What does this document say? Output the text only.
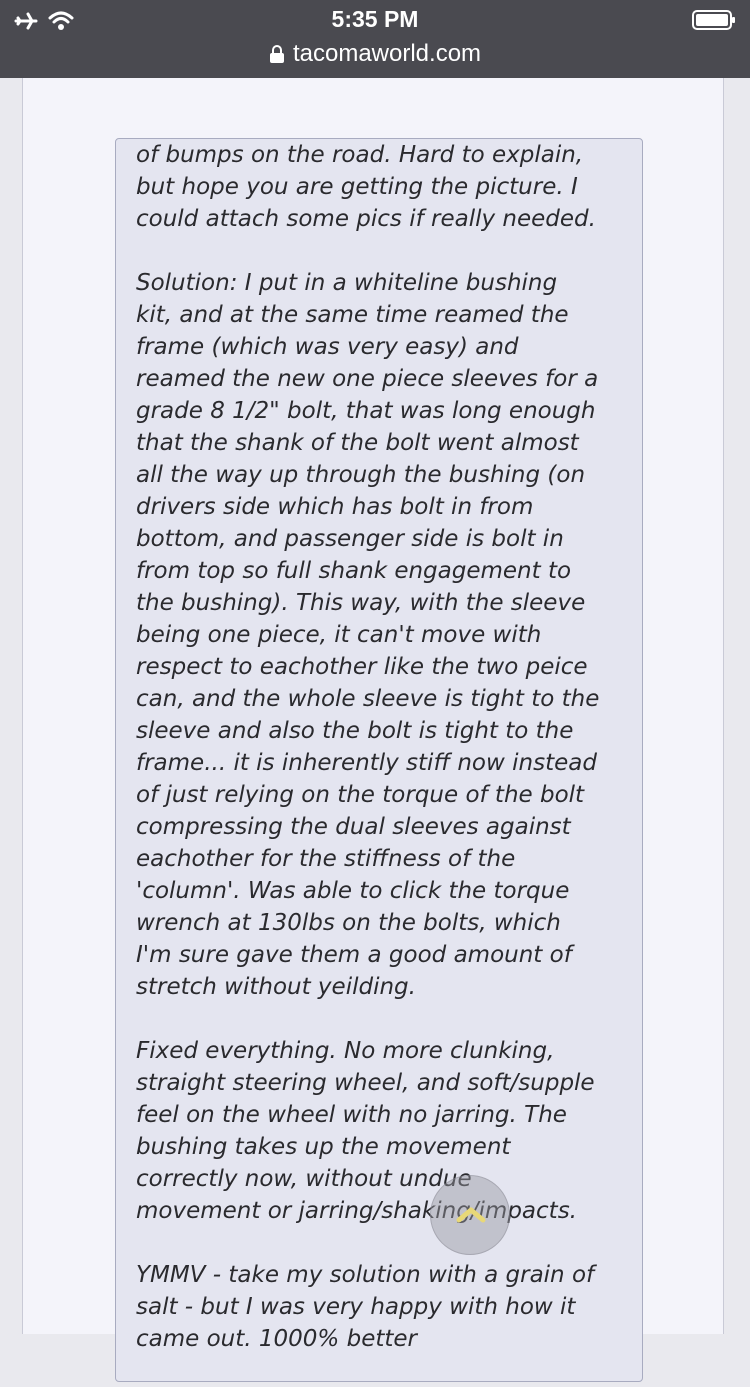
5:35 PM
tacomaworld.com

of bumps on the road. Hard to explain,
but hope you are getting the picture. I
could attach some pics if really needed.

Solution: I put in a whiteline bushing
kit, and at the same time reamed the
frame (which was very easy) and
reamed the new one piece sleeves for a
grade 8 1/2" bolt, that was long enough
that the shank of the bolt went almost
all the way up through the bushing (on
drivers side which has bolt in from
bottom, and passenger side is bolt in
from top so full shank engagement to
the bushing). This way, with the sleeve
being one piece, it can't move with
respect to eachother like the two peice
can, and the whole sleeve is tight to the
sleeve and also the bolt is tight to the
frame... it is inherently stiff now instead
of just relying on the torque of the bolt
compressing the dual sleeves against
eachother for the stiffness of the
'column'. Was able to click the torque
wrench at 130lbs on the bolts, which
I'm sure gave them a good amount of
stretch without yeilding.

Fixed everything. No more clunking,
straight steering wheel, and soft/supple
feel on the wheel with no jarring. The
bushing takes up the movement
correctly now, without undue
movement or jarring/shaking/impacts.

YMMV - take my solution with a grain of
salt - but I was very happy with how it
came out. 1000% better
